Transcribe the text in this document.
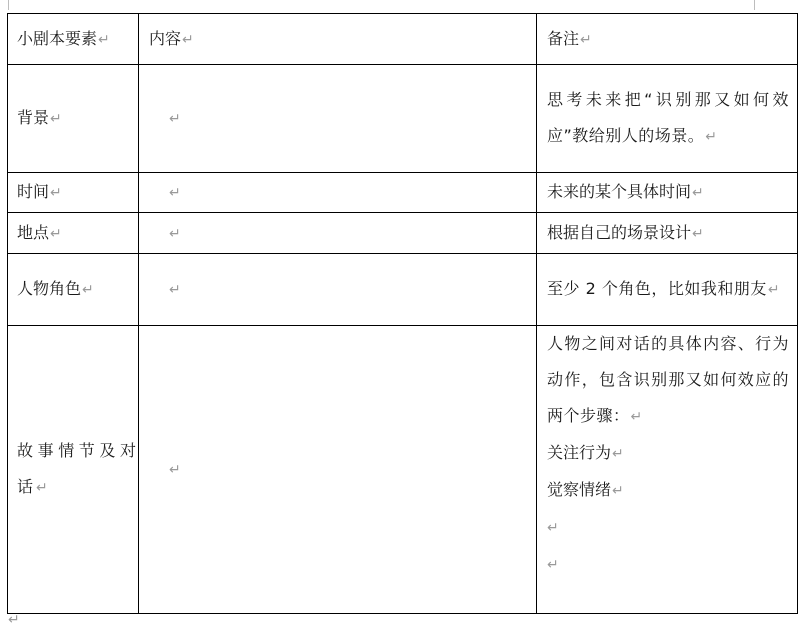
小剧本要素↵	内容↵	备注↵
背景↵	↵	思考未来把“识别那又如何效应”教给别人的场景。↵
时间↵	↵	未来的某个具体时间↵
地点↵	↵	根据自己的场景设计↵
人物角色↵	↵	至少 2 个角色，比如我和朋友↵
故事情节及对话↵	↵	人物之间对话的具体内容、行为动作，包含识别那又如何效应的两个步骤：↵
关注行为↵
觉察情绪↵
↵
↵
↵
